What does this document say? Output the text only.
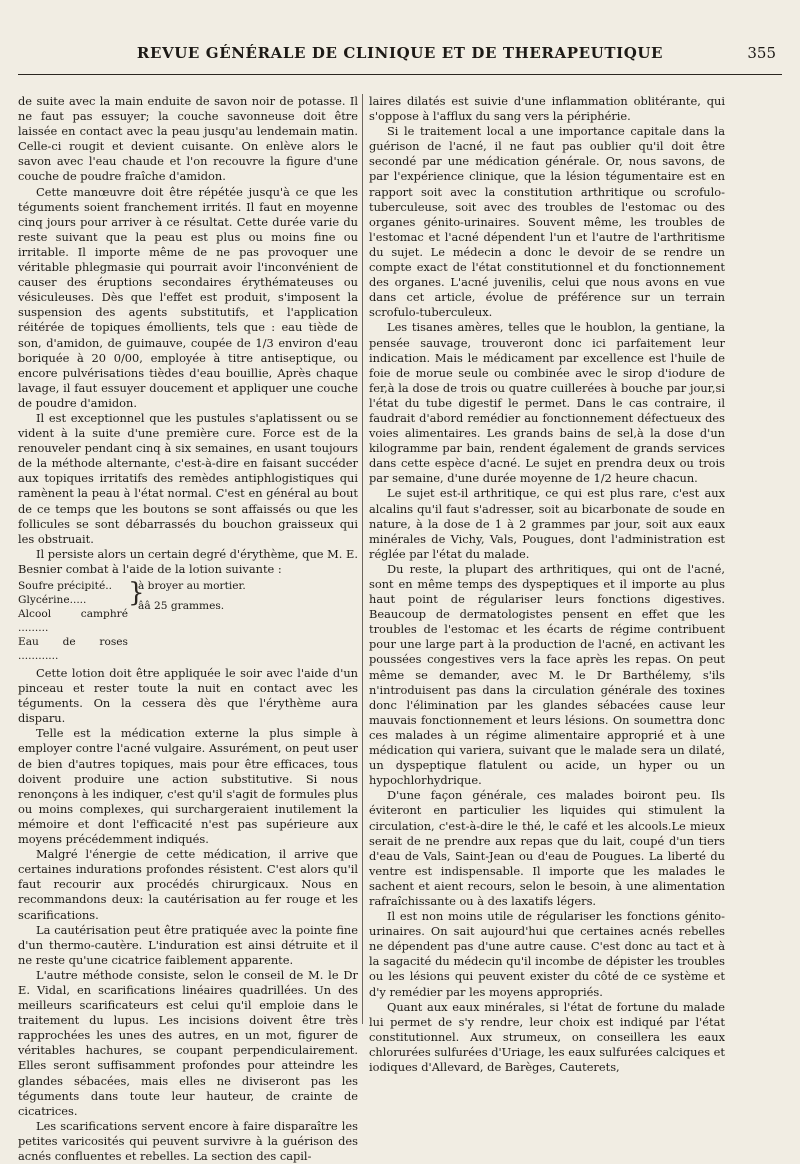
REVUE GÉNÉRALE DE CLINIQUE ET DE THERAPEUTIQUE	355

de suite avec la main enduite de savon noir de potasse. Il ne faut pas essuyer; la couche savonneuse doit être laissée en contact avec la peau jusqu'au lendemain matin. Celle-ci rougit et devient cuisante. On enlève alors le savon avec l'eau chaude et l'on recouvre la figure d'une couche de poudre fraîche d'amidon.

Cette manœuvre doit être répétée jusqu'à ce que les téguments soient franchement irrités. Il faut en moyenne cinq jours pour arriver à ce résultat. Cette durée varie du reste suivant que la peau est plus ou moins fine ou irritable. Il importe même de ne pas provoquer une véritable phlegmasie qui pourrait avoir l'inconvénient de causer des éruptions secondaires érythémateuses ou vésiculeuses. Dès que l'effet est produit, s'imposent la suspension des agents substitutifs, et l'application réitérée de topiques émollients, tels que : eau tiède de son, d'amidon, de guimauve, coupée de 1/3 environ d'eau boriquée à 20 0/00, employée à titre antiseptique, ou encore pulvérisations tièdes d'eau bouillie, Après chaque lavage, il faut essuyer doucement et appliquer une couche de poudre d'amidon.

Il est exceptionnel que les pustules s'aplatissent ou se vident à la suite d'une première cure. Force est de la renouveler pendant cinq à six semaines, en usant toujours de la méthode alternante, c'est-à-dire en faisant succéder aux topiques irritatifs des remèdes antiphlogistiques qui ramènent la peau à l'état normal. C'est en général au bout de ce temps que les boutons se sont affaissés ou que les follicules se sont débarrassés du bouchon graisseux qui les obstruait.

Il persiste alors un certain degré d'érythème, que M. E. Besnier combat à l'aide de la lotion suivante :

Soufre précipité..
Glycérine.....
Alcool camphré .........
Eau de roses ............
}
à broyer au mortier.
ââ 25 grammes.

Cette lotion doit être appliquée le soir avec l'aide d'un pinceau et rester toute la nuit en contact avec les téguments. On la cessera dès que l'érythème aura disparu.

Telle est la médication externe la plus simple à employer contre l'acné vulgaire. Assurément, on peut user de bien d'autres topiques, mais pour être efficaces, tous doivent produire une action substitutive. Si nous renonçons à les indiquer, c'est qu'il s'agit de formules plus ou moins complexes, qui surchargeraient inutilement la mémoire et dont l'efficacité n'est pas supérieure aux moyens précédemment indiqués.

Malgré l'énergie de cette médication, il arrive que certaines indurations profondes résistent. C'est alors qu'il faut recourir aux procédés chirurgicaux. Nous en recommandons deux: la cautérisation au fer rouge et les scarifications.

La cautérisation peut être pratiquée avec la pointe fine d'un thermo-cautère. L'induration est ainsi détruite et il ne reste qu'une cicatrice faiblement apparente.

L'autre méthode consiste, selon le conseil de M. le Dr E. Vidal, en scarifications linéaires quadrillées. Un des meilleurs scarificateurs est celui qu'il emploie dans le traitement du lupus. Les incisions doivent être très rapprochées les unes des autres, en un mot, figurer de véritables hachures, se coupant perpendiculairement. Elles seront suffisamment profondes pour atteindre les glandes sébacées, mais elles ne diviseront pas les téguments dans toute leur hauteur, de crainte de cicatrices.

Les scarifications servent encore à faire disparaître les petites varicosités qui peuvent survivre à la guérison des acnés confluentes et rebelles. La section des capil-

laires dilatés est suivie d'une inflammation oblitérante, qui s'oppose à l'afflux du sang vers la périphérie.

Si le traitement local a une importance capitale dans la guérison de l'acné, il ne faut pas oublier qu'il doit être secondé par une médication générale. Or, nous savons, de par l'expérience clinique, que la lésion tégumentaire est en rapport soit avec la constitution arthritique ou scrofulo-tuberculeuse, soit avec des troubles de l'estomac ou des organes génito-urinaires. Souvent même, les troubles de l'estomac et l'acné dépendent l'un et l'autre de l'arthritisme du sujet. Le médecin a donc le devoir de se rendre un compte exact de l'état constitutionnel et du fonctionnement des organes. L'acné juvenilis, celui que nous avons en vue dans cet article, évolue de préférence sur un terrain scrofulo-tuberculeux.

Les tisanes amères, telles que le houblon, la gentiane, la pensée sauvage, trouveront donc ici parfaitement leur indication. Mais le médicament par excellence est l'huile de foie de morue seule ou combinée avec le sirop d'iodure de fer,à la dose de trois ou quatre cuillerées à bouche par jour,si l'état du tube digestif le permet. Dans le cas contraire, il faudrait d'abord remédier au fonctionnement défectueux des voies alimentaires. Les grands bains de sel,à la dose d'un kilogramme par bain, rendent également de grands services dans cette espèce d'acné. Le sujet en prendra deux ou trois par semaine, d'une durée moyenne de 1/2 heure chacun.

Le sujet est-il arthritique, ce qui est plus rare, c'est aux alcalins qu'il faut s'adresser, soit au bicarbonate de soude en nature, à la dose de 1 à 2 grammes par jour, soit aux eaux minérales de Vichy, Vals, Pougues, dont l'administration est réglée par l'état du malade.

Du reste, la plupart des arthritiques, qui ont de l'acné, sont en même temps des dyspeptiques et il importe au plus haut point de régulariser leurs fonctions digestives. Beaucoup de dermatologistes pensent en effet que les troubles de l'estomac et les écarts de régime contribuent pour une large part à la production de l'acné, en activant les poussées congestives vers la face après les repas. On peut même se demander, avec M. le Dr Barthélemy, s'ils n'introduisent pas dans la circulation générale des toxines donc l'élimination par les glandes sébacées cause leur mauvais fonctionnement et leurs lésions. On soumettra donc ces malades à un régime alimentaire approprié et à une médication qui variera, suivant que le malade sera un dilaté, un dyspeptique flatulent ou acide, un hyper ou un hypochlorhydrique.

D'une façon générale, ces malades boiront peu. Ils éviteront en particulier les liquides qui stimulent la circulation, c'est-à-dire le thé, le café et les alcools.Le mieux serait de ne prendre aux repas que du lait, coupé d'un tiers d'eau de Vals, Saint-Jean ou d'eau de Pougues. La liberté du ventre est indispensable. Il importe que les malades le sachent et aient recours, selon le besoin, à une alimentation rafraîchissante ou à des laxatifs légers.

Il est non moins utile de régulariser les fonctions génito-urinaires. On sait aujourd'hui que certaines acnés rebelles ne dépendent pas d'une autre cause. C'est donc au tact et à la sagacité du médecin qu'il incombe de dépister les troubles ou les lésions qui peuvent exister du côté de ce système et d'y remédier par les moyens appropriés.

Quant aux eaux minérales, si l'état de fortune du malade lui permet de s'y rendre, leur choix est indiqué par l'état constitutionnel. Aux strumeux, on conseillera les eaux chlorurées sulfurées d'Uriage, les eaux sulfurées calciques et iodiques d'Allevard, de Barèges, Cauterets,
